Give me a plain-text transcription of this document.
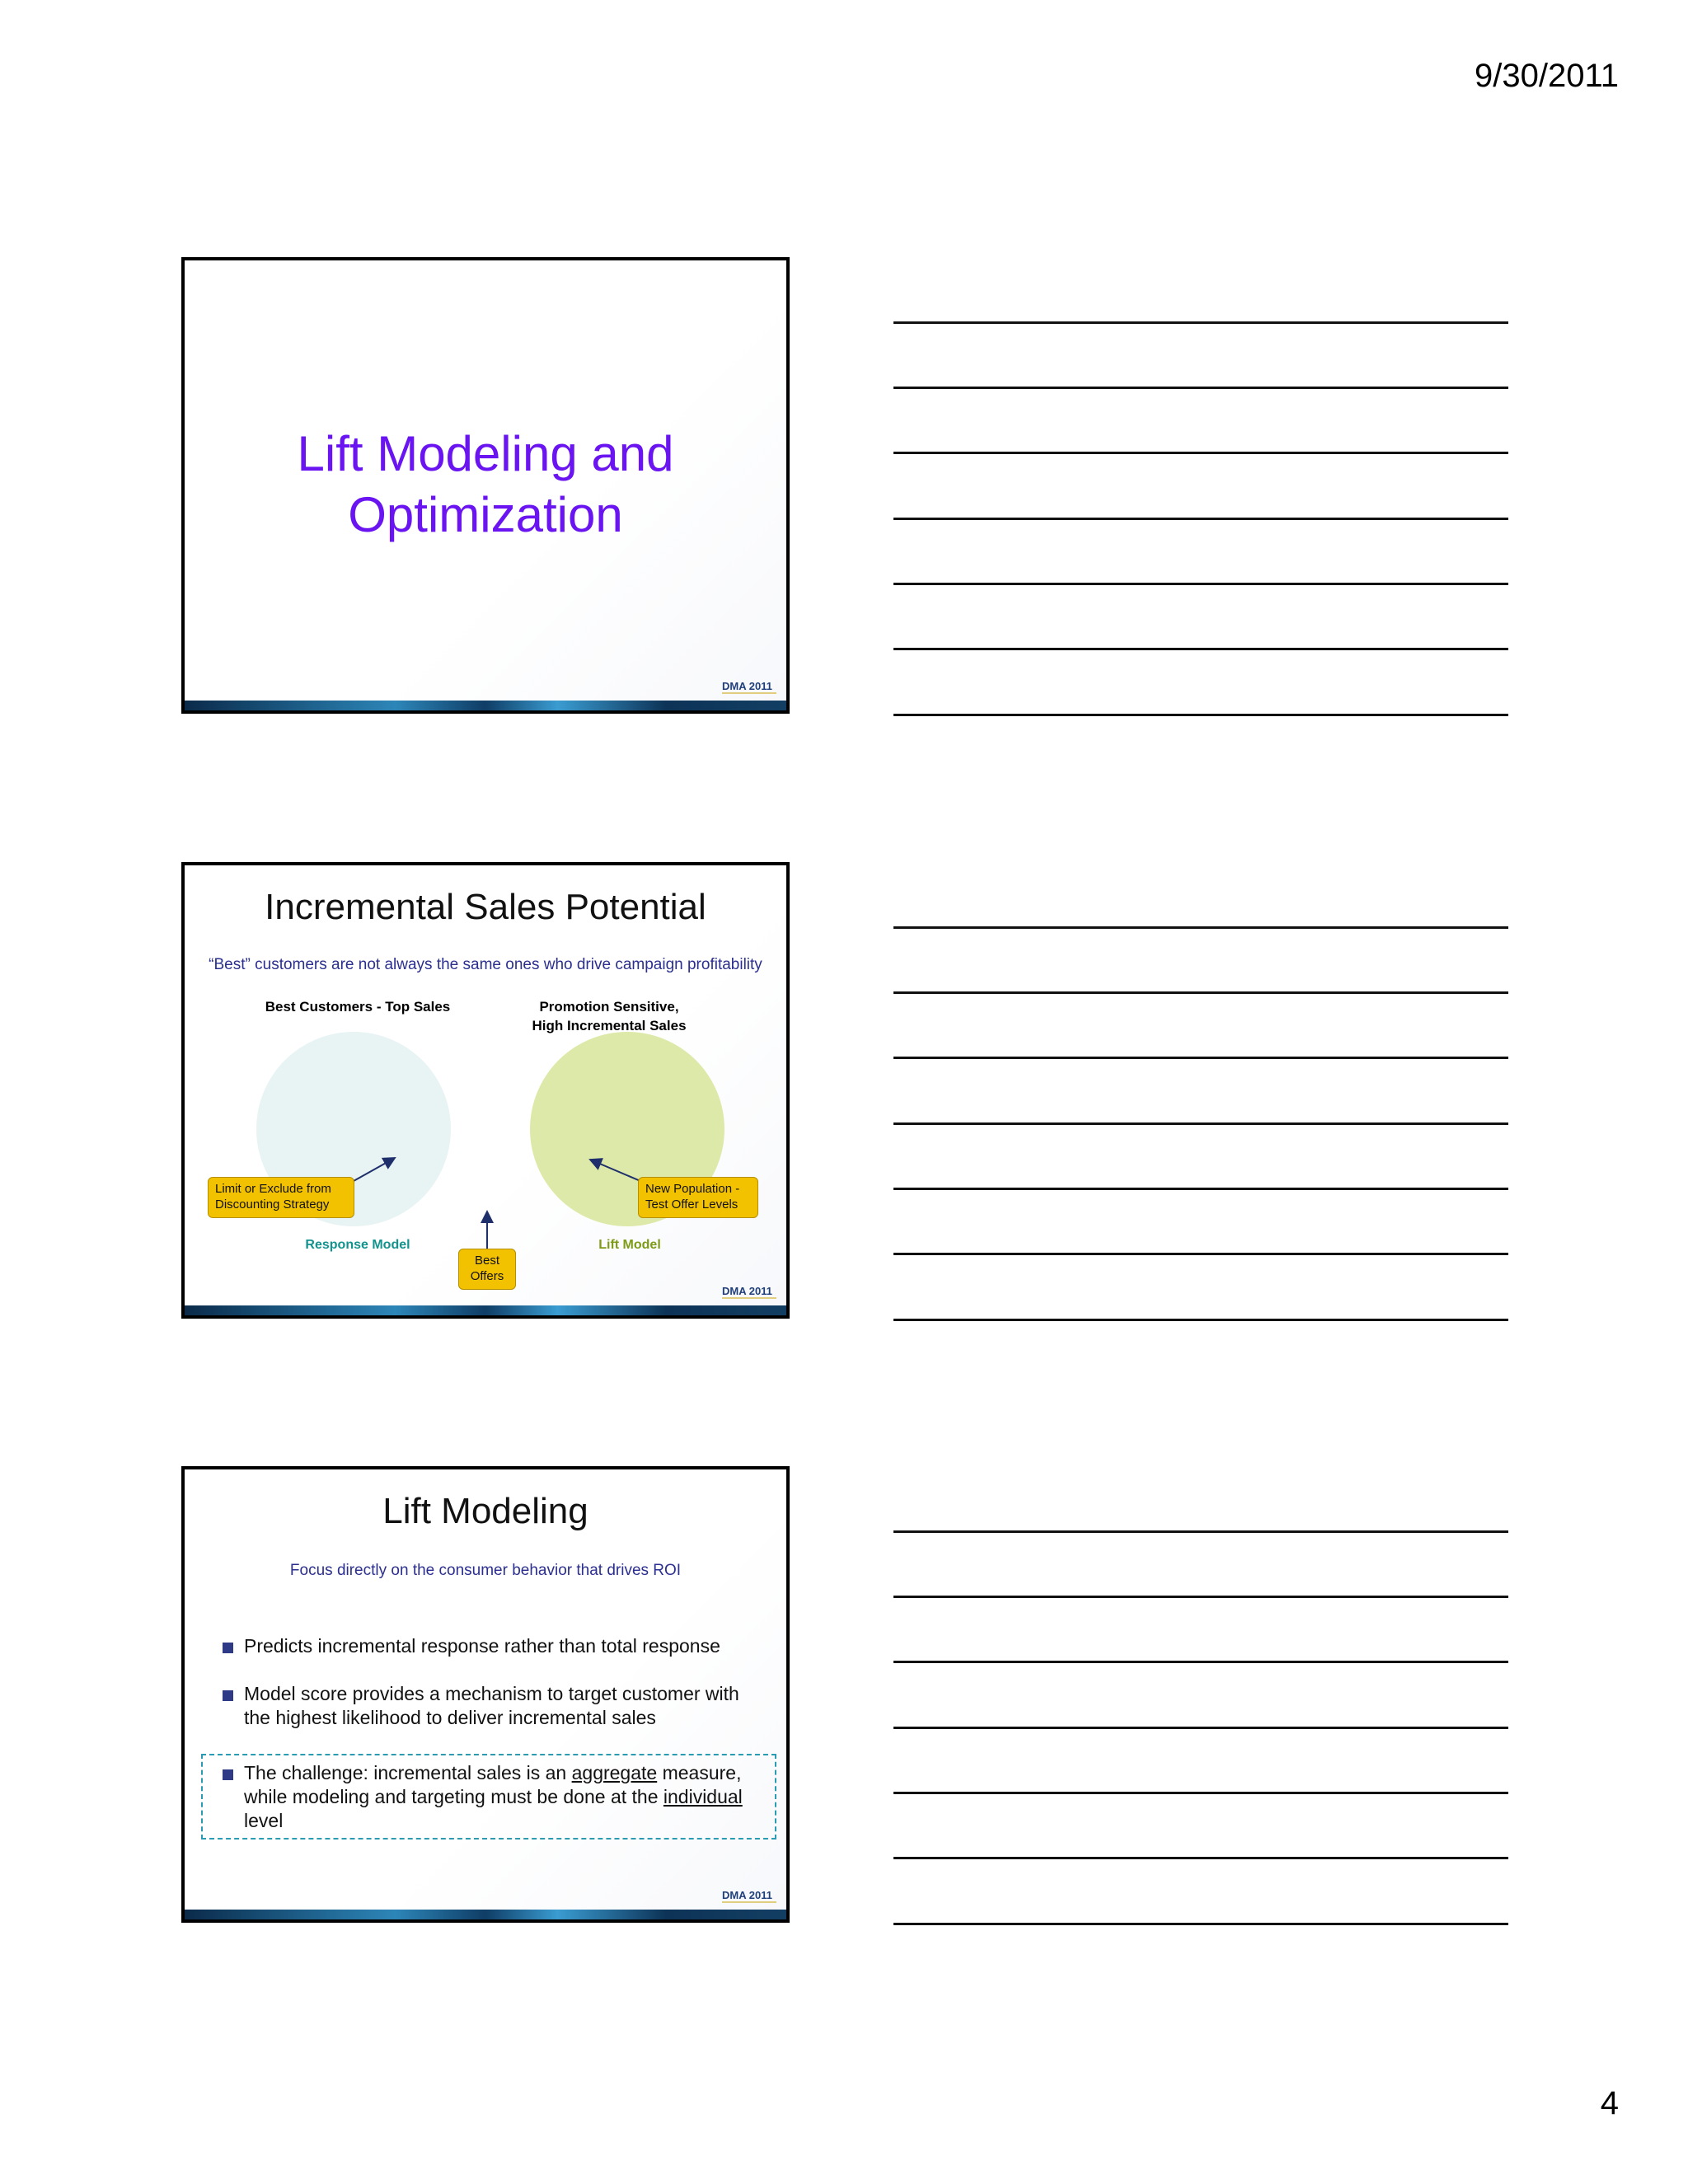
9/30/2011
Lift Modeling and
Optimization
DMA 2011
Incremental Sales Potential
“Best” customers are not always the same ones who drive campaign profitability
Best Customers - Top Sales	Promotion Sensitive,
High Incremental Sales
Limit or Exclude from
Discounting Strategy
New Population -
Test Offer Levels
Best
Offers
Response Model	Lift Model
DMA 2011
Lift Modeling
Focus directly on the consumer behavior that drives ROI
Predicts incremental response rather than total response
Model score provides a mechanism to target customer with the highest likelihood to deliver incremental sales
The challenge: incremental sales is an aggregate measure, while modeling and targeting must be done at the individual level
DMA 2011
4
